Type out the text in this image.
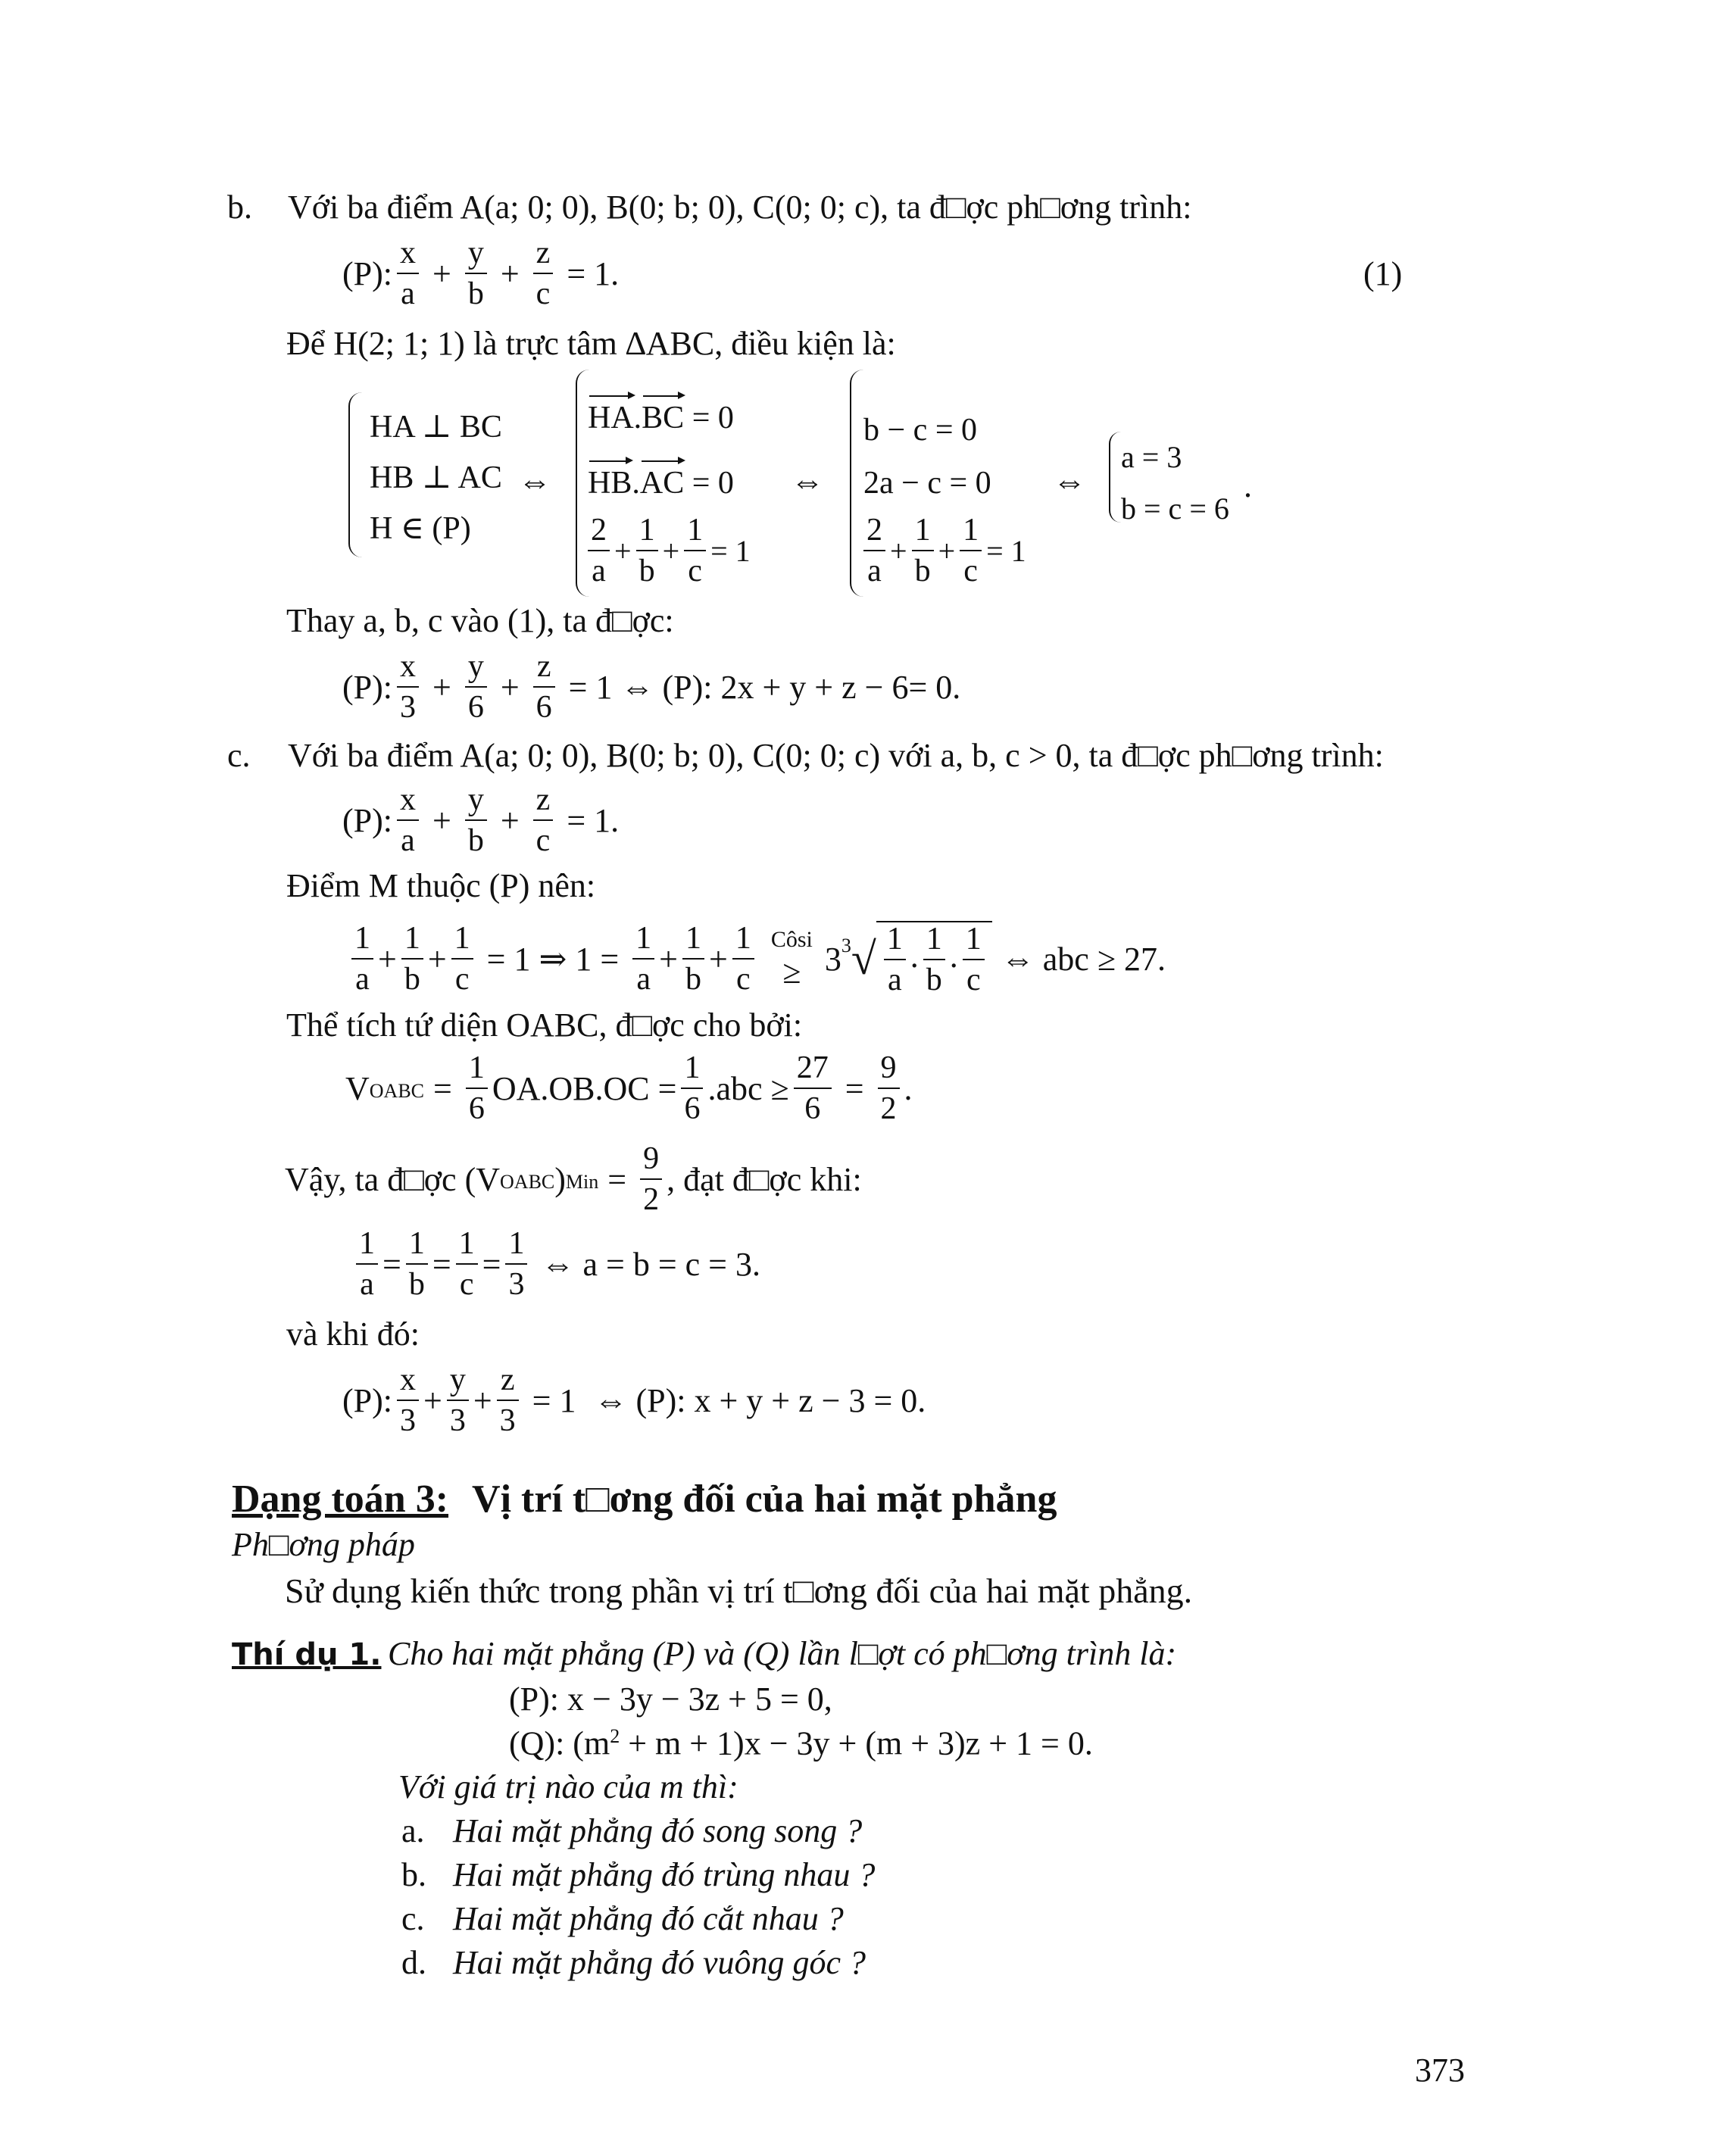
b. Với ba điểm A(a; 0; 0), B(0; b; 0), C(0; 0; c), ta đ□ợc ph□ơng trình:
(P): $\frac{x}{a} + \frac{y}{b} + \frac{z}{c} = 1$.	(1)
Để H(2; 1; 1) là trực tâm ∆ABC, điều kiện là:
HA ⊥ BC
HB ⊥ AC
H ∈ (P)
⇔
HA.BC = 0
HB.AC = 0
$\frac{2}{a} + \frac{1}{b} + \frac{1}{c} = 1$
⇔
b − c = 0
2a − c = 0
$\frac{2}{a} + \frac{1}{b} + \frac{1}{c} = 1$
⇔
a = 3
b = c = 6
.
Thay a, b, c vào (1), ta đ□ợc:
(P): $\frac{x}{3} + \frac{y}{6} + \frac{z}{6} = 1$ ⇔ (P): 2x + y + z − 6= 0.
c. Với ba điểm A(a; 0; 0), B(0; b; 0), C(0; 0; c) với a, b, c > 0, ta đ□ợc ph□ơng trình:
(P): $\frac{x}{a} + \frac{y}{b} + \frac{z}{c} = 1$.
Điểm M thuộc (P) nên:
$\frac{1}{a} + \frac{1}{b} + \frac{1}{c} = 1$ ⇒ $1 = \frac{1}{a} + \frac{1}{b} + \frac{1}{c}$ Côsi
≥ 3 3 √ $\frac{1}{a}$ . $\frac{1}{b}$ . $\frac{1}{c}$ ⇔ abc ≥ 27.
Thể tích tứ diện OABC, đ□ợc cho bởi:
V OABC = $\frac{1}{6} OA.OB.OC = \frac{1}{6} .abc \ge \frac{27}{6} = \frac{9}{2}$ .
Vậy, ta đ□ợc (V OABC ) Min = $\frac{9}{2}$ , đạt đ□ợc khi:
$\frac{1}{a} = \frac{1}{b} = \frac{1}{c} = \frac{1}{3}$ ⇔ a = b = c = 3.
và khi đó:
(P): $\frac{x}{3} + \frac{y}{3} + \frac{z}{3} = 1$ ⇔ (P): x + y + z − 3 = 0.
Dạng toán 3: Vị trí t□ơng đối của hai mặt phẳng
Ph□ơng pháp
Sử dụng kiến thức trong phần vị trí t□ơng đối của hai mặt phẳng.
Thí dụ 1. Cho hai mặt phẳng (P) và (Q) lần l□ợt có ph□ơng trình là:
(P): x − 3y − 3z + 5 = 0,
(Q): $(m^2 + m + 1)x - 3y + (m + 3)z + 1 = 0$.
Với giá trị nào của m thì:
a. Hai mặt phẳng đó song song ?
b. Hai mặt phẳng đó trùng nhau ?
c. Hai mặt phẳng đó cắt nhau ?
d. Hai mặt phẳng đó vuông góc ?
373
